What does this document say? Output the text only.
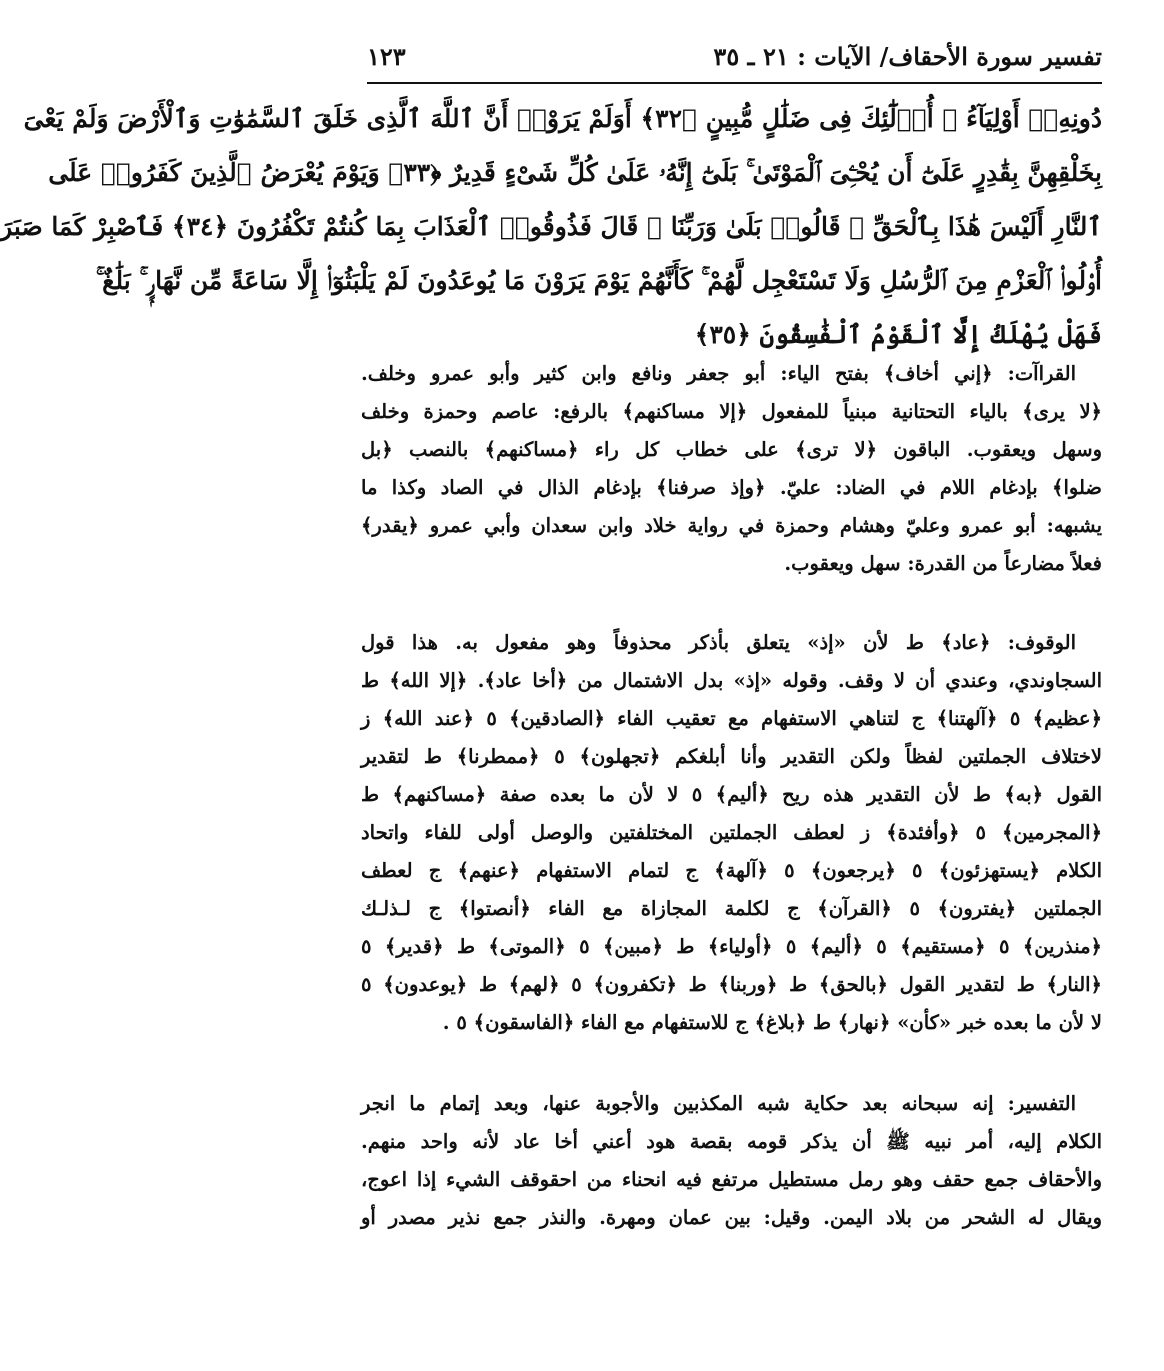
تفسير سورة الأحقاف/ الآيات : ٢١ ـ ٣٥
١٢٣
دُونِهِۦٓ أَوْلِيَآءُ ۚ أُو۟لَٰٓئِكَ فِى ضَلَٰلٍ مُّبِينٍ ﴿٣٢﴾ أَوَلَمْ يَرَوْا۟ أَنَّ ٱللَّهَ ٱلَّذِى خَلَقَ ٱلسَّمَٰوَٰتِ وَٱلْأَرْضَ وَلَمْ يَعْىَ
بِخَلْقِهِنَّ بِقَٰدِرٍ عَلَىٰٓ أَن يُحْـِۧىَ ٱلْمَوْتَىٰ ۚ بَلَىٰٓ إِنَّهُۥ عَلَىٰ كُلِّ شَىْءٍ قَدِيرٌ ﴿٣٣﴾ وَيَوْمَ يُعْرَضُ ٱلَّذِينَ كَفَرُوا۟ عَلَى
ٱلنَّارِ أَلَيْسَ هَٰذَا بِٱلْحَقِّ ۖ قَالُوا۟ بَلَىٰ وَرَبِّنَا ۚ قَالَ فَذُوقُوا۟ ٱلْعَذَابَ بِمَا كُنتُمْ تَكْفُرُونَ ﴿٣٤﴾ فَٱصْبِرْ كَمَا صَبَرَ
أُو۟لُوا۟ ٱلْعَزْمِ مِنَ ٱلرُّسُلِ وَلَا تَسْتَعْجِل لَّهُمْ ۚ كَأَنَّهُمْ يَوْمَ يَرَوْنَ مَا يُوعَدُونَ لَمْ يَلْبَثُوٓا۟ إِلَّا سَاعَةً مِّن نَّهَارٍۭ ۚ بَلَٰغٌ ۚ
فَهَلْ يُهْلَكُ إِلَّا ٱلْقَوْمُ ٱلْفَٰسِقُونَ ﴿٣٥﴾
القراآت: ﴿إني أخاف﴾ بفتح الياء: أبو جعفر ونافع وابن كثير وأبو عمرو وخلف.
﴿لا يرى﴾ بالياء التحتانية مبنياً للمفعول ﴿إلا مساكنهم﴾ بالرفع: عاصم وحمزة وخلف
وسهل ويعقوب. الباقون ﴿لا ترى﴾ على خطاب كل راء ﴿مساكنهم﴾ بالنصب ﴿بل
ضلوا﴾ بإدغام اللام في الضاد: عليّ. ﴿وإذ صرفنا﴾ بإدغام الذال في الصاد وكذا ما
يشبهه: أبو عمرو وعليّ وهشام وحمزة في رواية خلاد وابن سعدان وأبي عمرو ﴿يقدر﴾
فعلاً مضارعاً من القدرة: سهل ويعقوب.
الوقوف: ﴿عاد﴾ ط لأن «إذ» يتعلق بأذكر محذوفاً وهو مفعول به. هذا قول
السجاوندي، وعندي أن لا وقف. وقوله «إذ» بدل الاشتمال من ﴿أخا عاد﴾. ﴿إلا الله﴾ ط
﴿عظيم﴾ ٥ ﴿آلهتنا﴾ ج لتناهي الاستفهام مع تعقيب الفاء ﴿الصادقين﴾ ٥ ﴿عند الله﴾ ز
لاختلاف الجملتين لفظاً ولكن التقدير وأنا أبلغكم ﴿تجهلون﴾ ٥ ﴿ممطرنا﴾ ط لتقدير
القول ﴿به﴾ ط لأن التقدير هذه ريح ﴿أليم﴾ ٥ لا لأن ما بعده صفة ﴿مساكنهم﴾ ط
﴿المجرمين﴾ ٥ ﴿وأفئدة﴾ ز لعطف الجملتين المختلفتين والوصل أولى للفاء واتحاد
الكلام ﴿يستهزئون﴾ ٥ ﴿يرجعون﴾ ٥ ﴿آلهة﴾ ج لتمام الاستفهام ﴿عنهم﴾ ج لعطف
الجملتين ﴿يفترون﴾ ٥ ﴿القرآن﴾ ج لكلمة المجازاة مع الفاء ﴿أنصتوا﴾ ج لـذلـك
﴿منذرين﴾ ٥ ﴿مستقيم﴾ ٥ ﴿أليم﴾ ٥ ﴿أولياء﴾ ط ﴿مبين﴾ ٥ ﴿الموتى﴾ ط ﴿قدير﴾ ٥
﴿النار﴾ ط لتقدير القول ﴿بالحق﴾ ط ﴿وربنا﴾ ط ﴿تكفرون﴾ ٥ ﴿لهم﴾ ط ﴿يوعدون﴾ ٥
لا لأن ما بعده خبر «كأن» ﴿نهار﴾ ط ﴿بلاغ﴾ ج للاستفهام مع الفاء ﴿الفاسقون﴾ ٥ .
التفسير: إنه سبحانه بعد حكاية شبه المكذبين والأجوبة عنها، وبعد إتمام ما انجر
الكلام إليه، أمر نبيه ﷺ أن يذكر قومه بقصة هود أعني أخا عاد لأنه واحد منهم.
والأحقاف جمع حقف وهو رمل مستطيل مرتفع فيه انحناء من احقوقف الشيء إذا اعوج،
ويقال له الشحر من بلاد اليمن. وقيل: بين عمان ومهرة. والنذر جمع نذير مصدر أو
